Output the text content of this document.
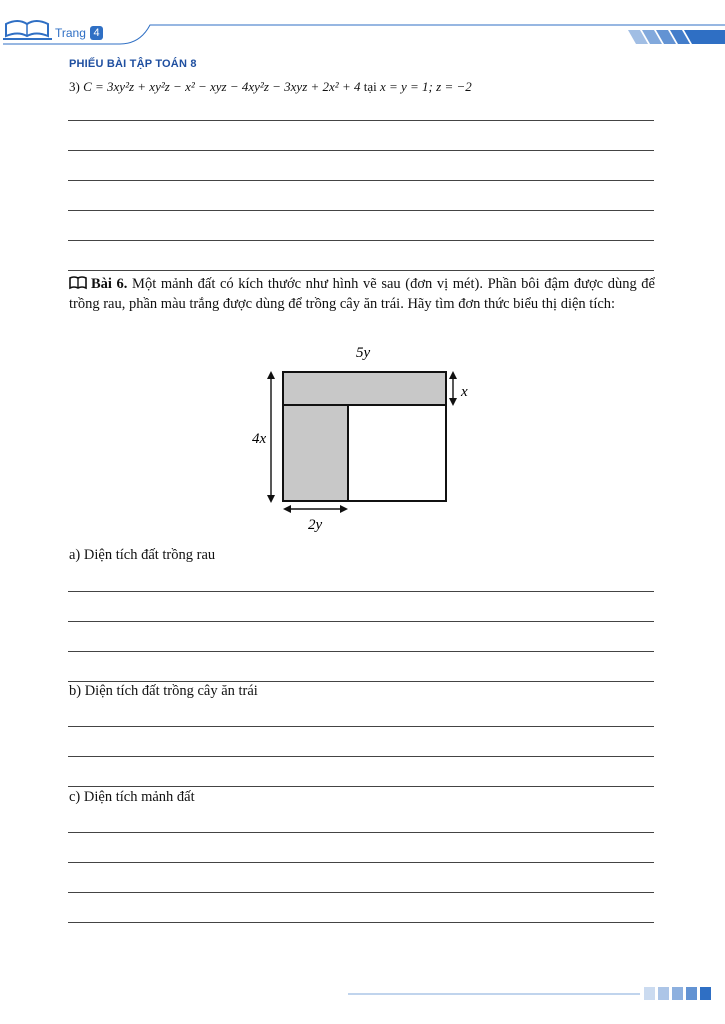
Trang 4
PHIẾU BÀI TẬP TOÁN 8
3) C = 3xy²z + xy²z − x² − xyz − 4xy²z − 3xyz + 2x² + 4 tại x = y = 1; z = −2
Bài 6. Một mảnh đất có kích thước như hình vẽ sau (đơn vị mét). Phần bôi đậm được dùng để trồng rau, phần màu trắng được dùng để trồng cây ăn trái. Hãy tìm đơn thức biểu thị diện tích:
5y
x
4x
2y
a) Diện tích đất trồng rau
b) Diện tích đất trồng cây ăn trái
c) Diện tích mảnh đất
